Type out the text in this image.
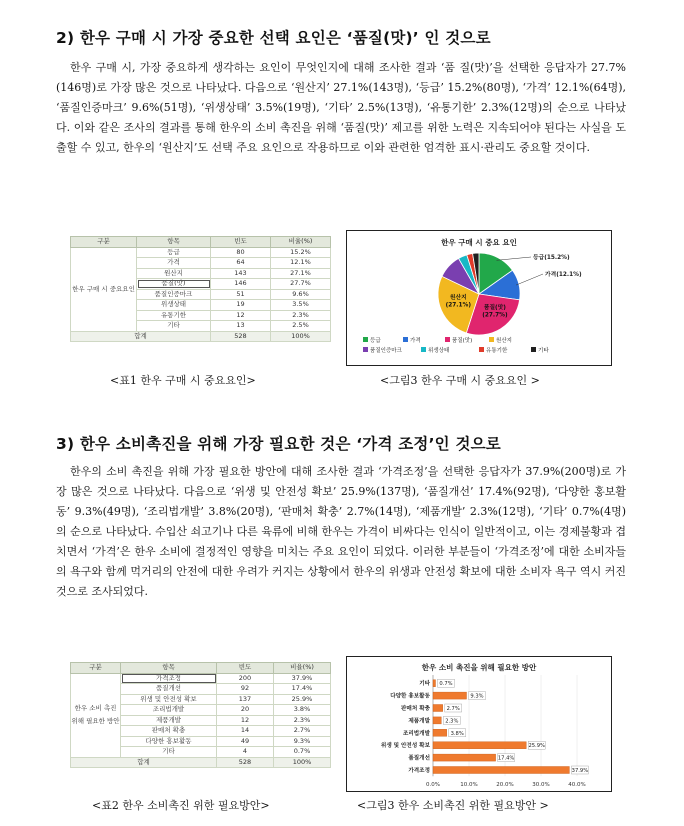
2) 한우 구매 시 가장 중요한 선택 요인은 ‘품질(맛)’ 인 것으로

한우 구매 시, 가장 중요하게 생각하는 요인이 무엇인지에 대해 조사한 결과 ‘품 질(맛)’을 선택한 응답자가 27.7%(146명)로 가장 많은 것으로 나타났다. 다음으로 ‘원산지’ 27.1%(143명), ‘등급’ 15.2%(80명), ‘가격’ 12.1%(64명), ‘품질인증마크’ 9.6%(51명), ‘위생상태’ 3.5%(19명), ‘기타’ 2.5%(13명), ‘유통기한’ 2.3%(12명)의 순으로 나타났다. 이와 같은 조사의 결과를 통해 한우의 소비 촉진을 위해 ‘품질(맛)’ 제고를 위한 노력은 지속되어야 된다는 사실을 도출할 수 있고, 한우의 ‘원산지’도 선택 주요 요인으로 작용하므로 이와 관련한 엄격한 표시·관리도 중요할 것이다.

구분	항목	빈도	비율(%)
한우 구매 시 중요요인	등급	80	15.2%
	가격	64	12.1%
	원산지	143	27.1%
	품질(맛)	146	27.7%
	품질인증마크	51	9.6%
	위생상태	19	3.5%
	유통기한	12	2.3%
	기타	13	2.5%
합계		528	100%
한우 구매 시 중요 요인
등급(15.2%)
가격(12.1%)
품질(맛) (27.7%)
원산지 (27.1%)
등급	가격	품질(맛)	원산지
품질인증마크	위생상태	유통기한	기타
<표1 한우 구매 시 중요요인>	<그림3 한우 구매 시 중요요인 >
3) 한우 소비촉진을 위해 가장 필요한 것은 ‘가격 조정’인 것으로

한우의 소비 촉진을 위해 가장 필요한 방안에 대해 조사한 결과 ‘가격조정’을 선택한 응답자가 37.9%(200명)로 가장 많은 것으로 나타났다. 다음으로 ‘위생 및 안전성 확보’ 25.9%(137명), ‘품질개선’ 17.4%(92명), ‘다양한 홍보활동’ 9.3%(49명), ‘조리법개발’ 3.8%(20명), ‘판매처 확충’ 2.7%(14명), ‘제품개발’ 2.3%(12명), ‘기타’ 0.7%(4명)의 순으로 나타났다. 수입산 쇠고기나 다른 육류에 비해 한우는 가격이 비싸다는 인식이 일반적이고, 이는 경제불황과 겹치면서 ‘가격’은 한우 소비에 결정적인 영향을 미치는 주요 요인이 되었다. 이러한 부분들이 ‘가격조정’에 대한 소비자들의 욕구와 함께 먹거리의 안전에 대한 우려가 커지는 상황에서 한우의 위생과 안전성 확보에 대한 소비자 욕구 역시 커진 것으로 조사되었다.

구분	항목	빈도	비율(%)
한우 소비 촉진 위해 필요한 방안	가격조정	200	37.9%
	품질개선	92	17.4%
	위생 및 안전성 확보	137	25.9%
	조리법개발	20	3.8%
	제품개발	12	2.3%
	판매처 확충	14	2.7%
	다양한 홍보활동	49	9.3%
	기타	4	0.7%
합계		528	100%
한우 소비 촉진을 위해 필요한 방안
0.7%
9.3%
2.7%
2.3%
3.8%
25.9%
17.4%
37.9%
기타
다양한 홍보활동
판매처 확충
제품개발
조리법개발
위생 및 안전성 확보
품질개선
가격조정
0.0%	10.0%	20.0%	30.0%	40.0%
<표2 한우 소비촉진 위한 필요방안>	<그림3 한우 소비촉진 위한 필요방안 >
